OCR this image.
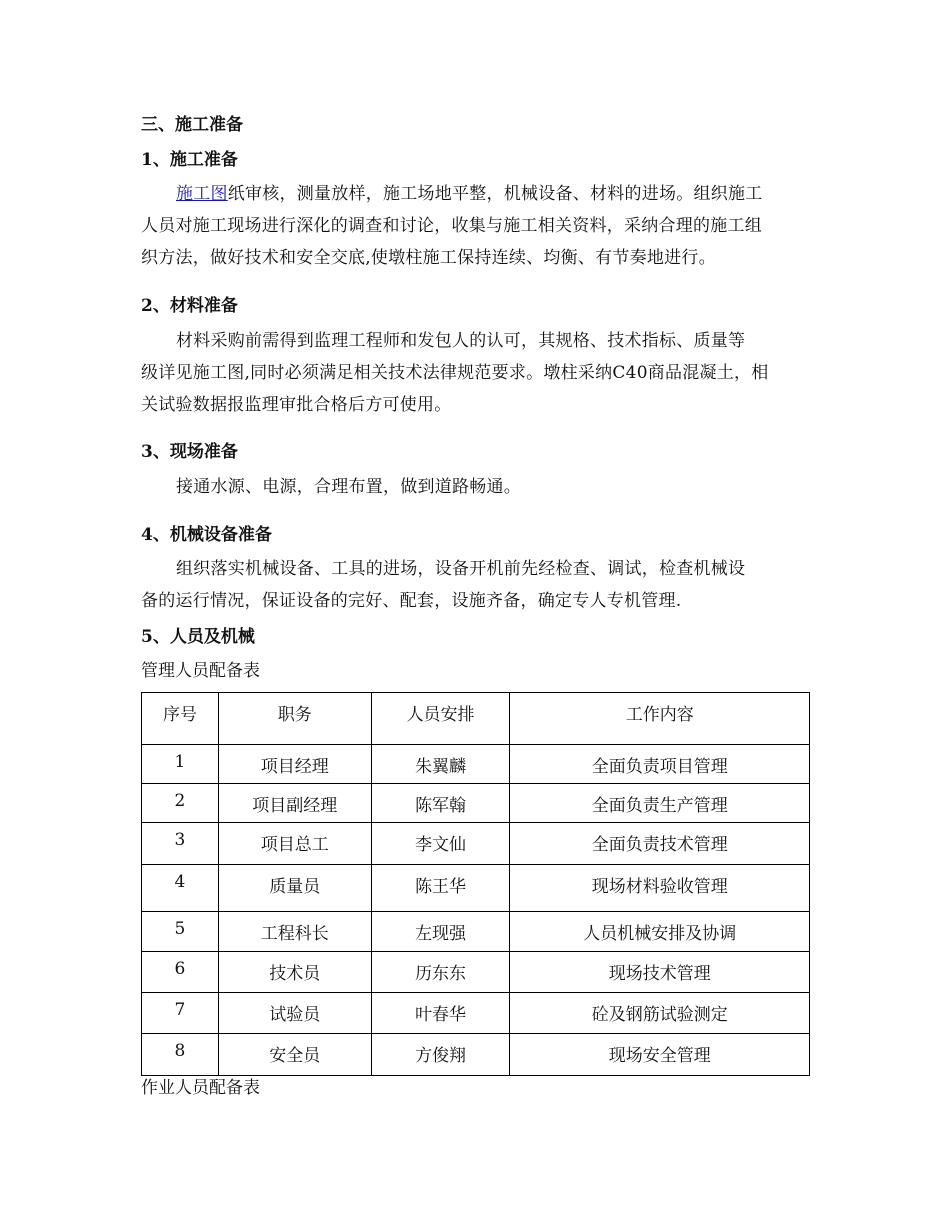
三、施工准备
1、施工准备
施工图纸审核，测量放样，施工场地平整，机械设备、材料的进场。组织施工
人员对施工现场进行深化的调查和讨论，收集与施工相关资料，采纳合理的施工组
织方法，做好技术和安全交底,使墩柱施工保持连续、均衡、有节奏地进行。
2、材料准备
材料采购前需得到监理工程师和发包人的认可，其规格、技术指标、质量等
级详见施工图,同时必须满足相关技术法律规范要求。墩柱采纳C40商品混凝土，相
关试验数据报监理审批合格后方可使用。
3、现场准备
接通水源、电源，合理布置，做到道路畅通。
4、机械设备准备
组织落实机械设备、工具的进场，设备开机前先经检查、调试，检查机械设
备的运行情况，保证设备的完好、配套，设施齐备，确定专人专机管理.
5、人员及机械
管理人员配备表
序号	职务	人员安排	工作内容
1	项目经理	朱翼麟	全面负责项目管理
2	项目副经理	陈军翰	全面负责生产管理
3	项目总工	李文仙	全面负责技术管理
4	质量员	陈王华	现场材料验收管理
5	工程科长	左现强	人员机械安排及协调
6	技术员	历东东	现场技术管理
7	试验员	叶春华	砼及钢筋试验测定
8	安全员	方俊翔	现场安全管理
作业人员配备表
